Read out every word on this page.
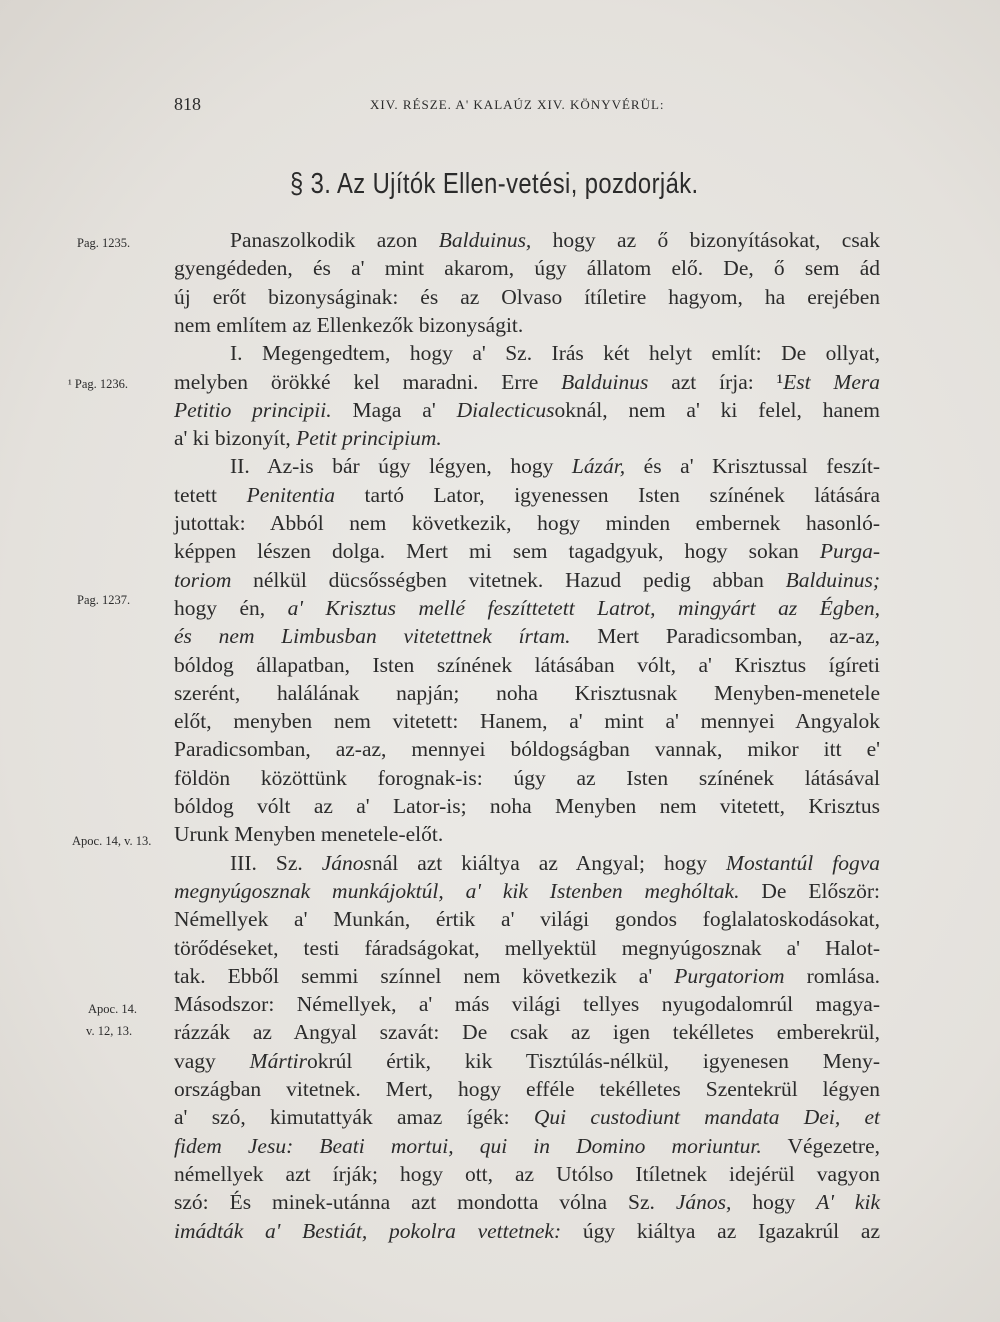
818	XIV. RÉSZE. A' KALAÚZ XIV. KÖNYVÉRÜL:
§ 3. Az Ujítók Ellen-vetési, pozdorják.
Pag. 1235.
¹ Pag. 1236.
Pag. 1237.
Apoc. 14, v. 13.
Apoc. 14.
v. 12, 13.
Panaszolkodik azon Balduinus, hogy az ő bizonyításokat, csak
gyengédeden, és a' mint akarom, úgy állatom elő. De, ő sem ád
új erőt bizonyságinak: és az Olvaso ítíletire hagyom, ha erejében
nem említem az Ellenkezők bizonyságit.
I. Megengedtem, hogy a' Sz. Irás két helyt említ: De ollyat,
melyben örökké kel maradni. Erre Balduinus azt írja: ¹Est Mera
Petitio principii. Maga a' Dialecticusoknál, nem a' ki felel, hanem
a' ki bizonyít, Petit principium.
II. Az-is bár úgy légyen, hogy Lázár, és a' Krisztussal feszít-
tetett Penitentia tartó Lator, igyenessen Isten színének látására
jutottak: Abból nem következik, hogy minden embernek hasonló-
képpen lészen dolga. Mert mi sem tagadgyuk, hogy sokan Purga-
toriom nélkül dücsősségben vitetnek. Hazud pedig abban Balduinus;
hogy én, a' Krisztus mellé feszíttetett Latrot, mingyárt az Égben,
és nem Limbusban vitetettnek írtam. Mert Paradicsomban, az-az,
bóldog állapatban, Isten színének látásában vólt, a' Krisztus ígíreti
szerént, halálának napján; noha Krisztusnak Menyben-menetele
előt, menyben nem vitetett: Hanem, a' mint a' mennyei Angyalok
Paradicsomban, az-az, mennyei bóldogságban vannak, mikor itt e'
földön közöttünk forognak-is: úgy az Isten színének látásával
bóldog vólt az a' Lator-is; noha Menyben nem vitetett, Krisztus
Urunk Menyben menetele-előt.
III. Sz. Jánosnál azt kiáltya az Angyal; hogy Mostantúl fogva
megnyúgosznak munkájoktúl, a' kik Istenben meghóltak. De Először:
Némellyek a' Munkán, értik a' világi gondos foglalatoskodásokat,
törődéseket, testi fáradságokat, mellyektül megnyúgosznak a' Halot-
tak. Ebből semmi színnel nem következik a' Purgatoriom romlása.
Másodszor: Némellyek, a' más világi tellyes nyugodalomrúl magya-
rázzák az Angyal szavát: De csak az igen tekélletes emberekrül,
vagy Mártirokrúl értik, kik Tisztúlás-nélkül, igyenesen Meny-
országban vitetnek. Mert, hogy efféle tekélletes Szentekrül légyen
a' szó, kimutattyák amaz ígék: Qui custodiunt mandata Dei, et
fidem Jesu: Beati mortui, qui in Domino moriuntur. Végezetre,
némellyek azt írják; hogy ott, az Utólso Itíletnek idejérül vagyon
szó: És minek-utánna azt mondotta vólna Sz. János, hogy A' kik
imádták a' Bestiát, pokolra vettetnek: úgy kiáltya az Igazakrúl az
